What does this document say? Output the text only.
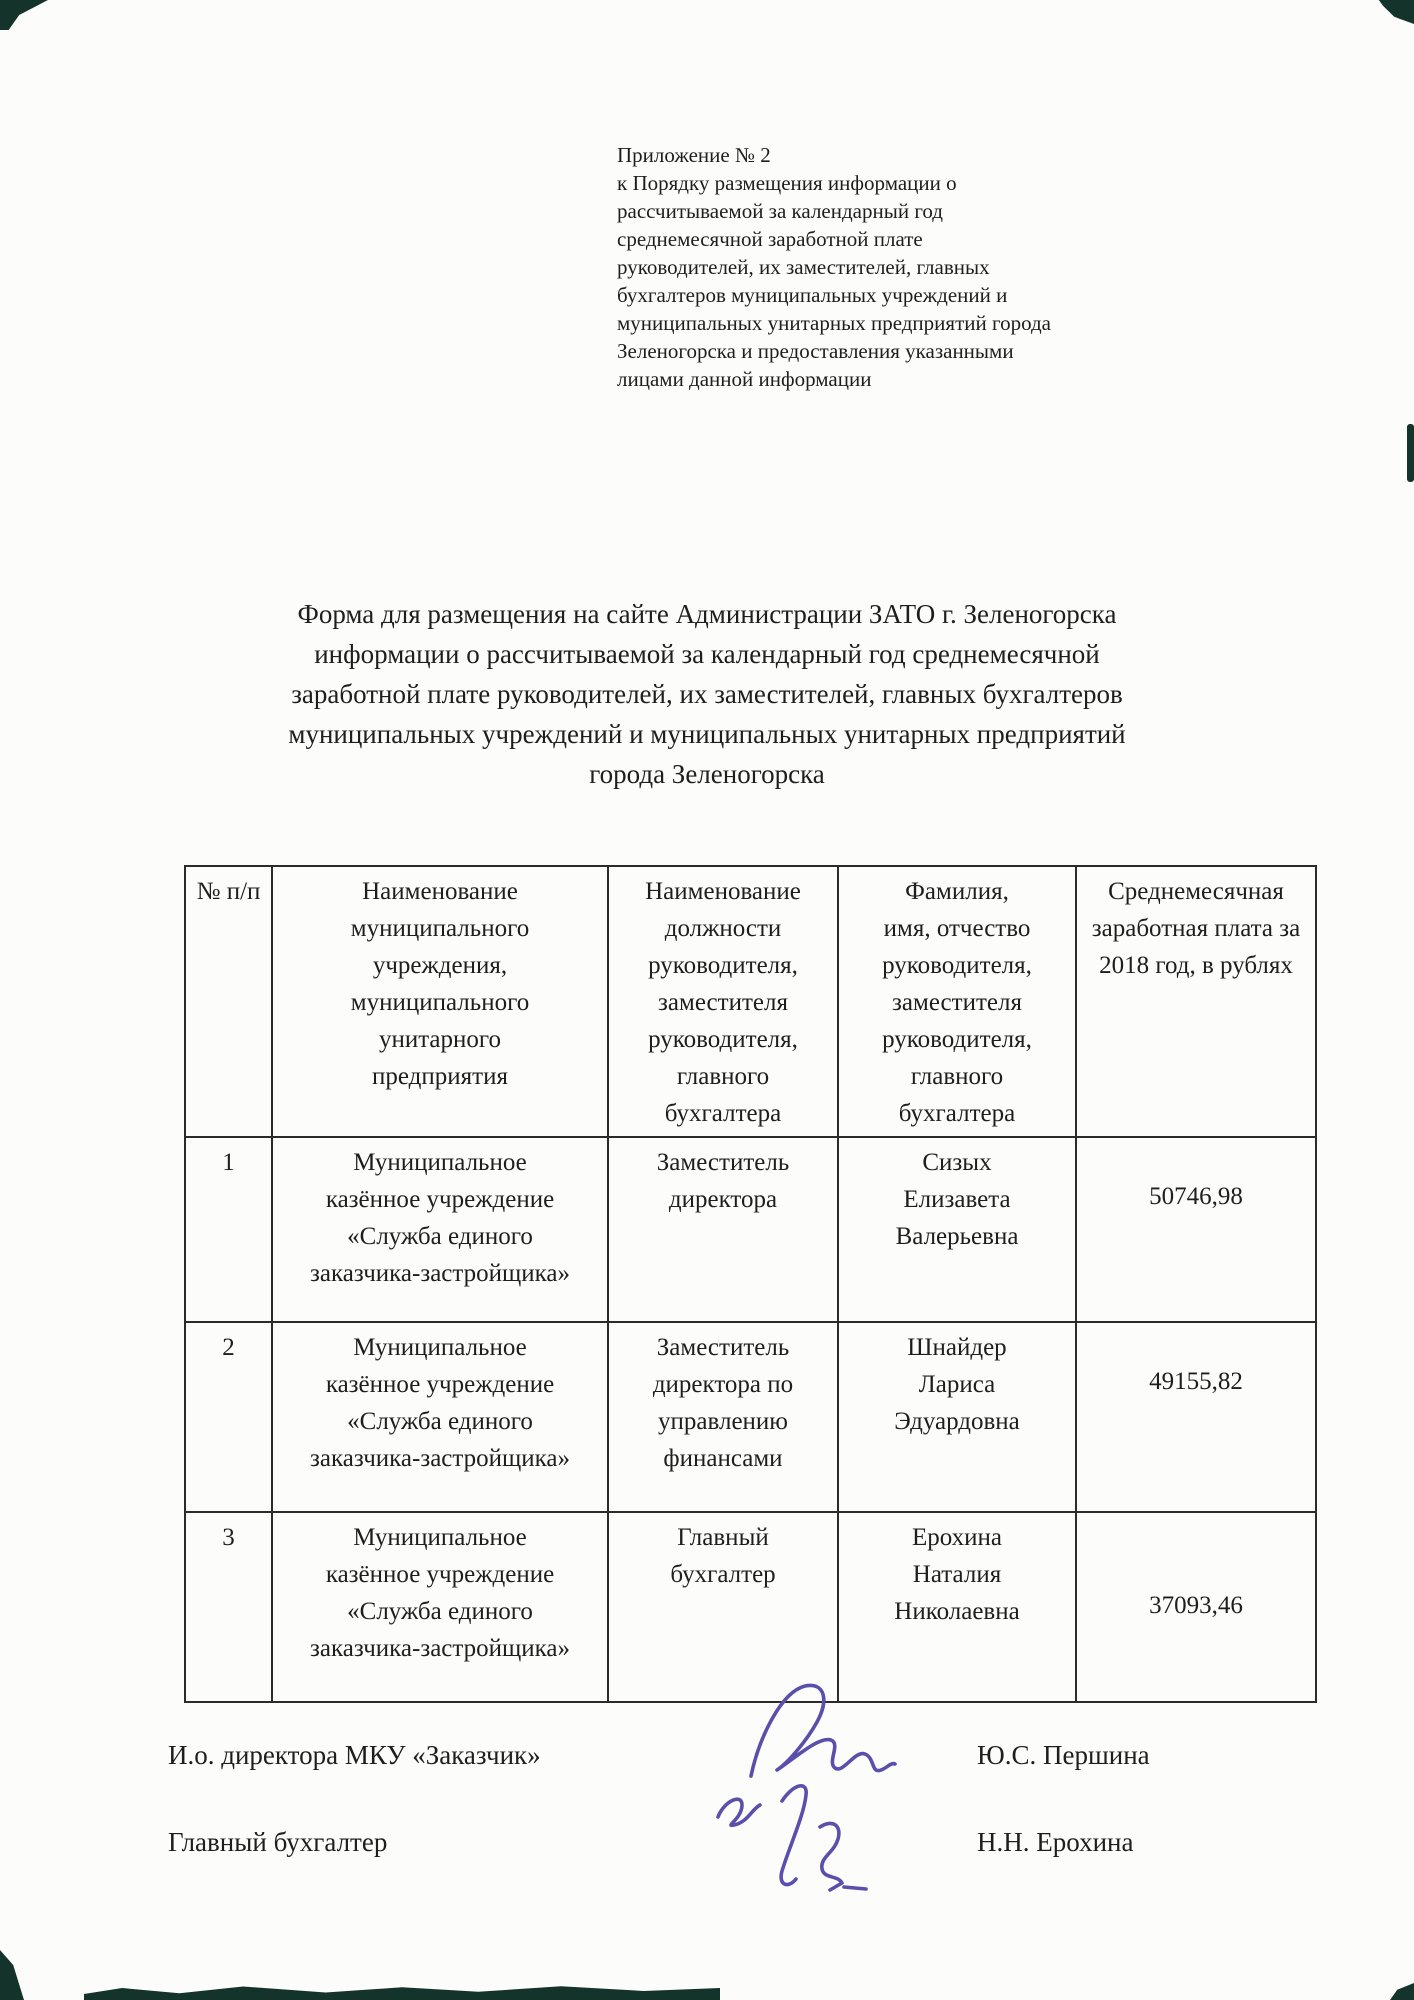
Приложение № 2
к Порядку размещения информации о
рассчитываемой за календарный год
среднемесячной заработной плате
руководителей, их заместителей, главных
бухгалтеров муниципальных учреждений и
муниципальных унитарных предприятий города
Зеленогорска и предоставления указанными
лицами данной информации
Форма для размещения на сайте Администрации ЗАТО г. Зеленогорска
информации о рассчитываемой за календарный год среднемесячной
заработной плате руководителей, их заместителей, главных бухгалтеров
муниципальных учреждений и муниципальных унитарных предприятий
города Зеленогорска
№ п/п	Наименование муниципального учреждения, муниципального унитарного предприятия	Наименование должности руководителя, заместителя руководителя, главного бухгалтера	Фамилия, имя, отчество руководителя, заместителя руководителя, главного бухгалтера	Среднемесячная заработная плата за 2018 год, в рублях
1	Муниципальное казённое учреждение «Служба единого заказчика-застройщика»	Заместитель директора	Сизых Елизавета Валерьевна	50746,98
2	Муниципальное казённое учреждение «Служба единого заказчика-застройщика»	Заместитель директора по управлению финансами	Шнайдер Лариса Эдуардовна	49155,82
3	Муниципальное казённое учреждение «Служба единого заказчика-застройщика»	Главный бухгалтер	Ерохина Наталия Николаевна	37093,46
И.о. директора МКУ «Заказчик»	Ю.С. Першина
Главный бухгалтер	Н.Н. Ерохина
